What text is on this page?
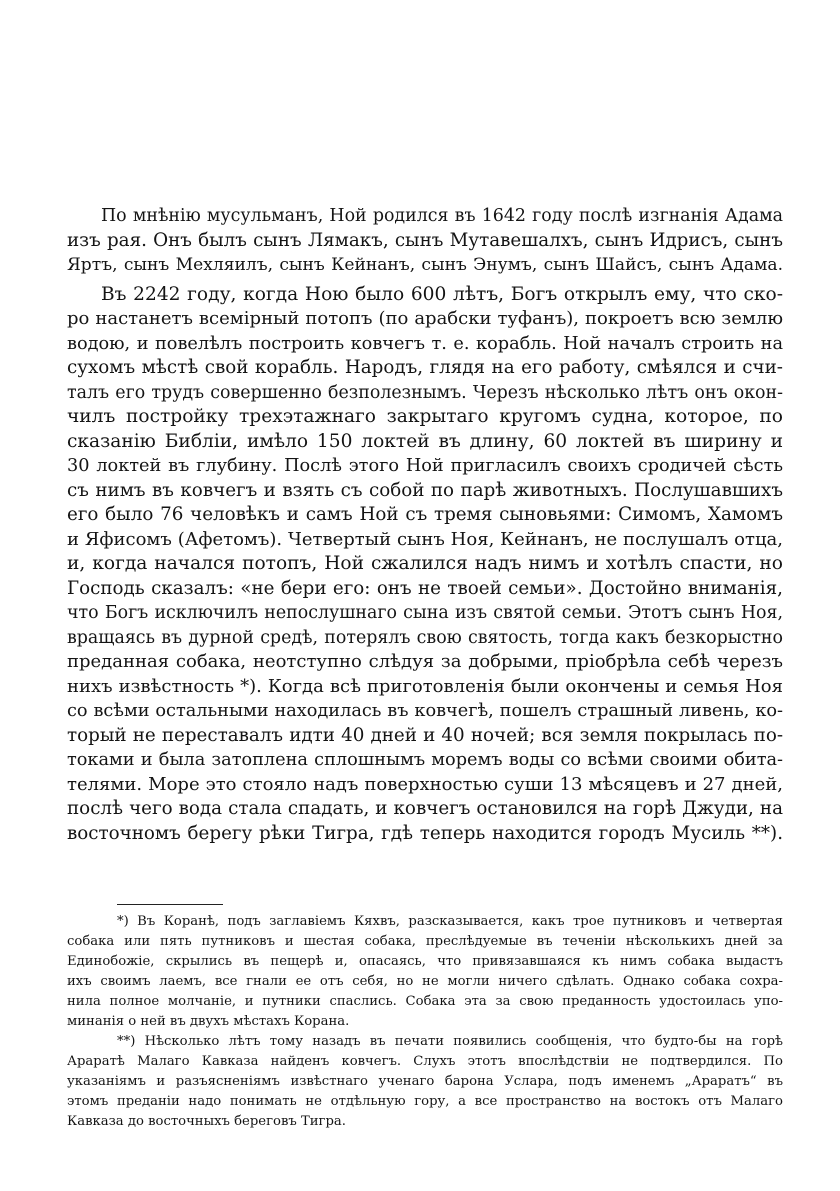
По мнѣнію мусульманъ, Ной родился въ 1642 году послѣ изгнанія Адама
изъ рая. Онъ былъ сынъ Лямакъ, сынъ Мутавешалхъ, сынъ Идрисъ, сынъ
Яртъ, сынъ Мехляилъ, сынъ Кейнанъ, сынъ Энумъ, сынъ Шайсъ, сынъ Адама.
Въ 2242 году, когда Ною было 600 лѣтъ, Богъ открылъ ему, что ско-
ро настанетъ всемірный потопъ (по арабски туфанъ), покроетъ всю землю
водою, и повелѣлъ построить ковчегъ т. е. корабль. Ной началъ строить на
сухомъ мѣстѣ свой корабль. Народъ, глядя на его работу, смѣялся и счи-
талъ его трудъ совершенно безполезнымъ. Черезъ нѣсколько лѣтъ онъ окон-
чилъ постройку трехэтажнаго закрытаго кругомъ судна, которое, по
сказанію Библіи, имѣло 150 локтей въ длину, 60 локтей въ ширину и
30 локтей въ глубину. Послѣ этого Ной пригласилъ своихъ сродичей сѣсть
съ нимъ въ ковчегъ и взять съ собой по парѣ животныхъ. Послушавшихъ
его было 76 человѣкъ и самъ Ной съ тремя сыновьями: Симомъ, Хамомъ
и Яфисомъ (Афетомъ). Четвертый сынъ Ноя, Кейнанъ, не послушалъ отца,
и, когда начался потопъ, Ной сжалился надъ нимъ и хотѣлъ спасти, но
Господь сказалъ: «не бери его: онъ не твоей семьи». Достойно вниманія,
что Богъ исключилъ непослушнаго сына изъ святой семьи. Этотъ сынъ Ноя,
вращаясь въ дурной средѣ, потерялъ свою святость, тогда какъ безкорыстно
преданная собака, неотступно слѣдуя за добрыми, пріобрѣла себѣ черезъ
нихъ извѣстность *). Когда всѣ приготовленія были окончены и семья Ноя
со всѣми остальными находилась въ ковчегѣ, пошелъ страшный ливень, ко-
торый не переставалъ идти 40 дней и 40 ночей; вся земля покрылась по-
токами и была затоплена сплошнымъ моремъ воды со всѣми своими обита-
телями. Море это стояло надъ поверхностью суши 13 мѣсяцевъ и 27 дней,
послѣ чего вода стала спадать, и ковчегъ остановился на горѣ Джуди, на
восточномъ берегу рѣки Тигра, гдѣ теперь находится городъ Мусиль **).
*) Въ Коранѣ, подъ заглавіемъ Кяхвъ, разсказывается, какъ трое путниковъ и четвертая
собака или пять путниковъ и шестая собака, преслѣдуемые въ теченіи нѣсколькихъ дней за
Единобожіе, скрылись въ пещерѣ и, опасаясь, что привязавшаяся къ нимъ собака выдастъ
ихъ своимъ лаемъ, все гнали ее отъ себя, но не могли ничего сдѣлать. Однако собака сохра-
нила полное молчаніе, и путники спаслись. Собака эта за свою преданность удостоилась упо-
минанія о ней въ двухъ мѣстахъ Корана.
**) Нѣсколько лѣтъ тому назадъ въ печати появились сообщенія, что будто-бы на горѣ
Араратѣ Малаго Кавказа найденъ ковчегъ. Слухъ этотъ впослѣдствіи не подтвердился. По
указаніямъ и разъясненіямъ извѣстнаго ученаго барона Услара, подъ именемъ „Араратъ“ въ
этомъ преданіи надо понимать не отдѣльную гору, а все пространство на востокъ отъ Малаго
Кавказа до восточныхъ береговъ Тигра.
